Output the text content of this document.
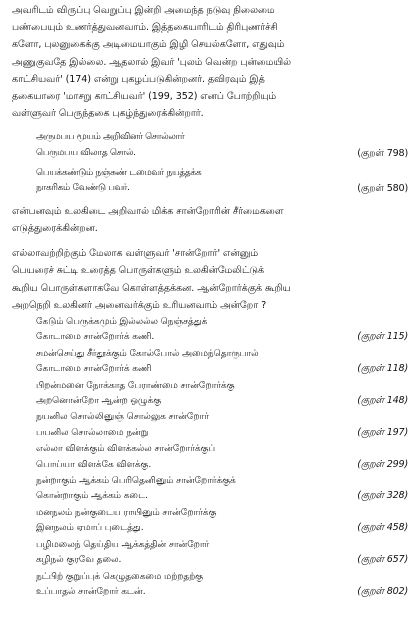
அவரிடம் விருப்பு வெறுப்பு இன்றி அமைந்த நடுவு நிலைமை
பண்பையும் உணர்த்துவனவாம். இத்தகையாரிடம் திரிபுணர்ச்சி
களோ, புலனுகைக்கு அடிமையாகும் இழி செயல்களோ, எதுவும்
அணுகுவதே இல்லை. ஆதலால் இவர் 'புலம் வென்ற புன்மையில்
காட்சியவர்' (174) என்று புகழப்படுகின்றனர். தவிரவும் இத்
தகையாரை 'மாசறு காட்சியவர்' (199, 352) எனப் போற்றியும்
வள்ளுவர் பெருந்தகை புகழ்ந்துரைக்கின்றார்.
அருமபய மூயம் அறிவினர் சொல்லார்
பெருமபய விலாத சொல்.	(குறள் 798)
பெயக்கண்டும் நஞ்சுண் டமைவர் நயத்தக்க
நாகரிகம் வேண்டு பவர்.	(குறள் 580)
என்பனவும் உலகிடை அறிவால் மிக்க சான்றோரின் சீர்மைகளை
எடுத்துரைக்கின்றன.
எல்லாவற்றிற்கும் மேலாக வள்ளுவர் 'சான்றோர்' என்னும்
பெயரைச் சுட்டி உரைத்த பொருள்களும் உலகின்மேலிட்டுக்
கூறிய பொருள்களாகவே கொள்ளத்தக்கன. ஆன்றோர்க்குக் கூறிய
அறநெறி உலகினர் அனைவர்க்கும் உரியனவாம் அன்றோ ?
கேடும் பெருக்கமும் இல்லல்ல நெஞ்சத்துக்
கோடாமை சான்றோர்க் கணி.	(குறள் 115)
சமன்செய்து சீர்தூக்கும் கோல்போல் அமைந்தொருபால்
கோடாமை சான்றோர்க் கணி	(குறள் 118)
பிறன்மனை நோக்காத பேராண்மை சான்றோர்க்கு
அறனொன்றோ ஆன்ற ஒழுக்கு	(குறள் 148)
நயனில சொல்லினுஞ் சொல்லுக சான்றோர்
பயனில சொல்லாமை நன்று	(குறள் 197)
எல்லா விளக்கும் விளக்கல்ல சான்றோர்க்குப்
பொய்யா விளக்கே விளக்கு.	(குறள் 299)
நன்றாகும் ஆக்கம் பெரிதெனினும் சான்றோர்க்குக்
கொன்றாகும் ஆக்கம் கடை.	(குறள் 328)
மனநலம் நன்குடைய ராயினும் சான்றோர்க்கு
இனநலம் ஏமாப் புடைத்து.	(குறள் 458)
பழிமலைந் தெய்திய ஆக்கத்தின் சான்றோர்
கழிநல் குரவே தலை.	(குறள் 657)
நட்பிற் குறுப்புக் கெழுதகைமை மற்றதற்கு
உப்பாதல் சான்றோர் கடன்.	(குறள் 802)
